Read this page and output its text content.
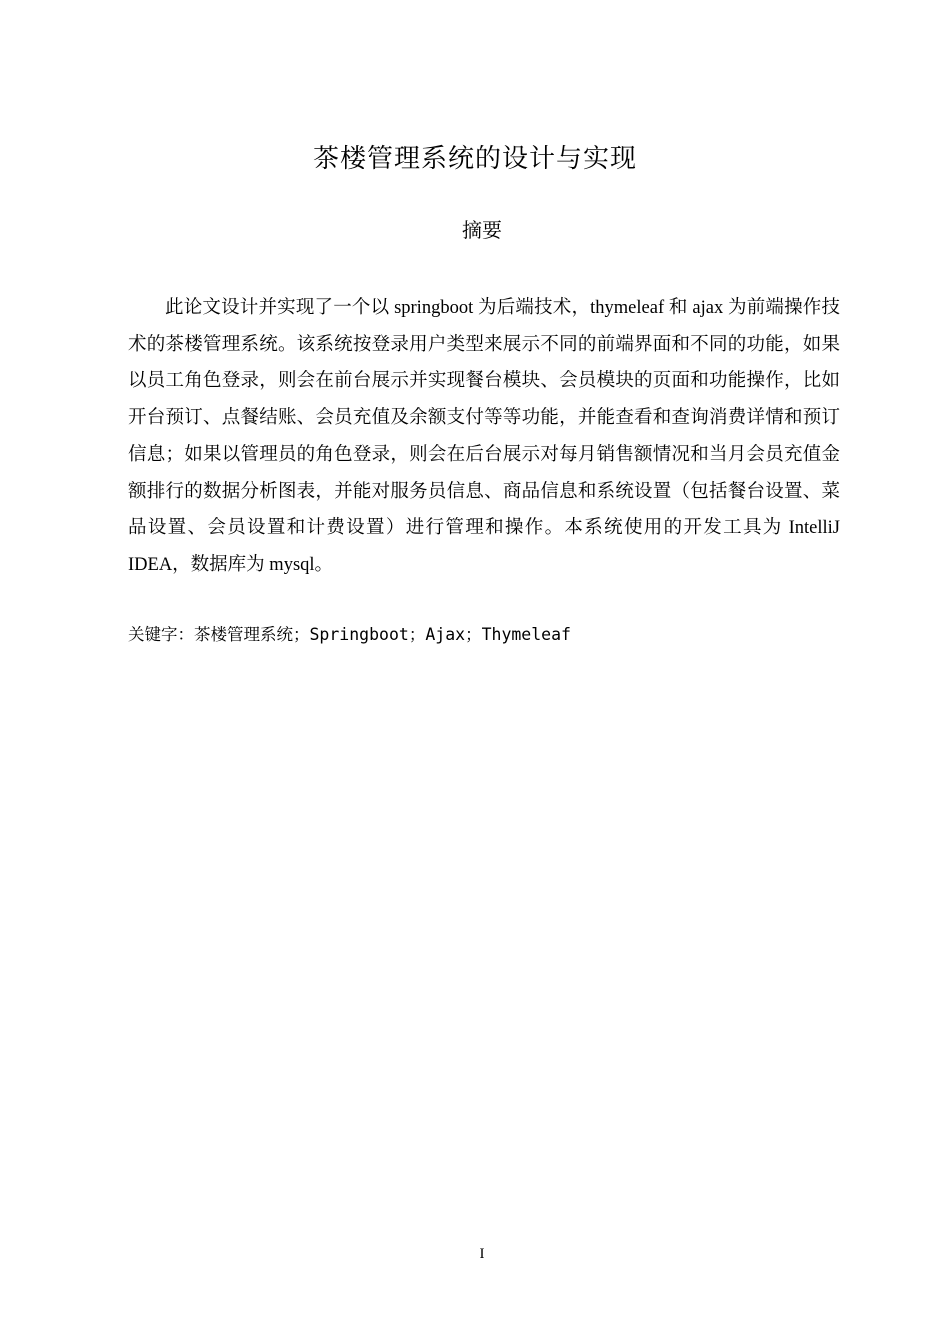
茶楼管理系统的设计与实现
摘要
此论文设计并实现了一个以 springboot 为后端技术，thymeleaf 和 ajax 为前端操作技术的茶楼管理系统。该系统按登录用户类型来展示不同的前端界面和不同的功能，如果以员工角色登录，则会在前台展示并实现餐台模块、会员模块的页面和功能操作，比如开台预订、点餐结账、会员充值及余额支付等等功能，并能查看和查询消费详情和预订信息；如果以管理员的角色登录，则会在后台展示对每月销售额情况和当月会员充值金额排行的数据分析图表，并能对服务员信息、商品信息和系统设置（包括餐台设置、菜品设置、会员设置和计费设置）进行管理和操作。本系统使用的开发工具为 IntelliJ IDEA，数据库为 mysql。
关键字：茶楼管理系统；Springboot；Ajax；Thymeleaf
I
